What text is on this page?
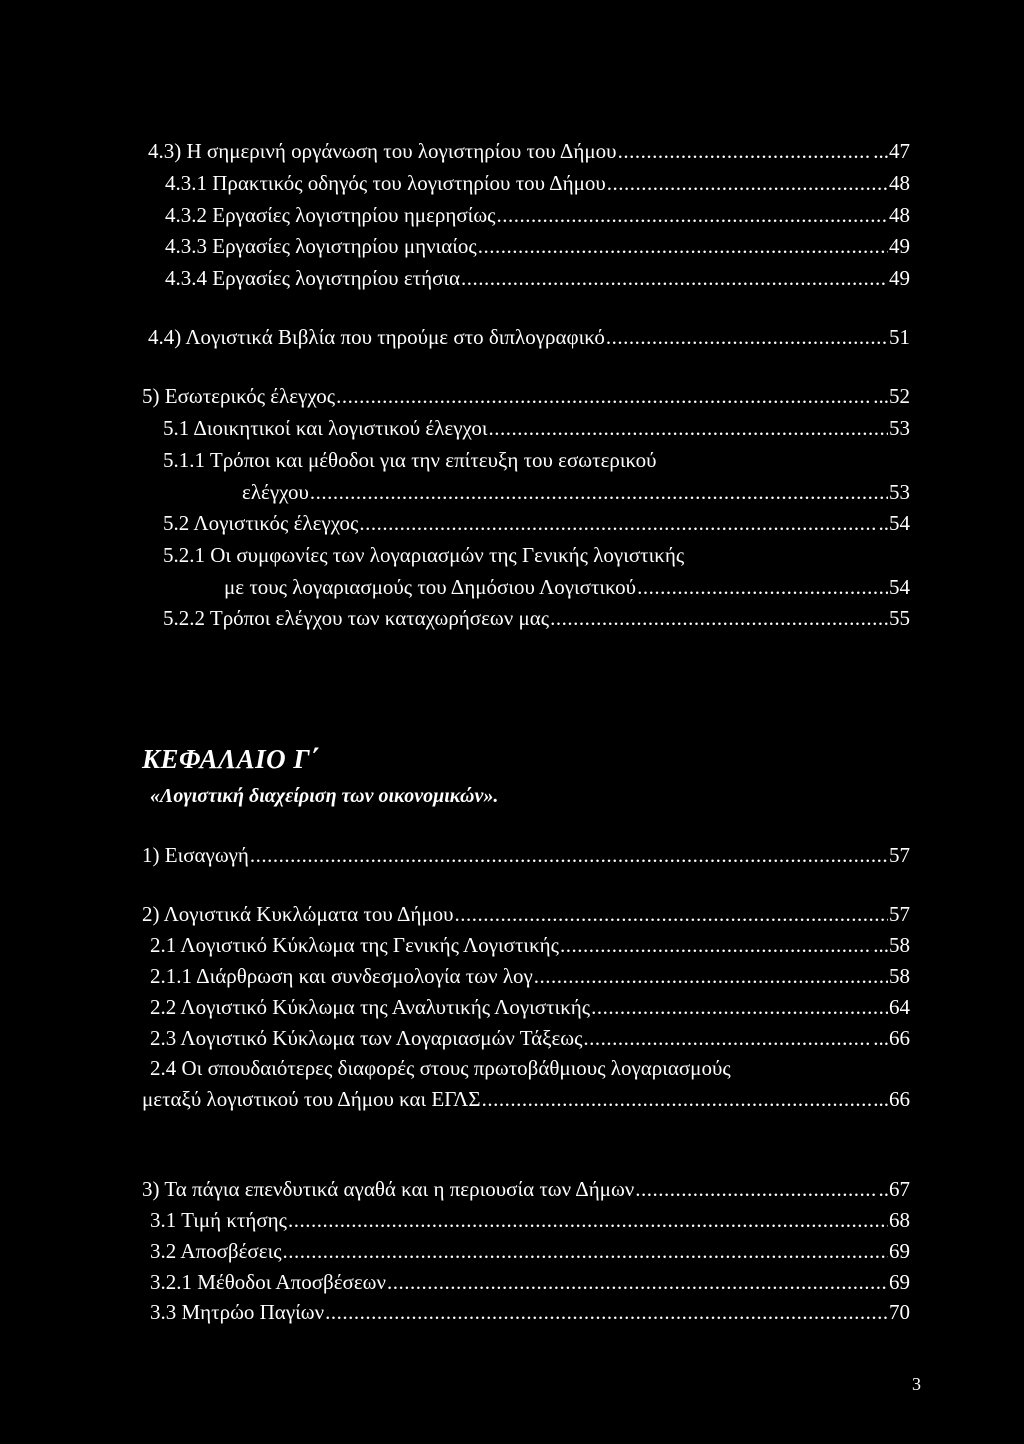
4.3) Η σημερινή οργάνωση του λογιστηρίου του Δήμου .....	...47
4.3.1 Πρακτικός οδηγός του λογιστηρίου του Δήμου .....	48
4.3.2 Εργασίες λογιστηρίου ημερησίως .....	48
4.3.3 Εργασίες λογιστηρίου μηνιαίος .....	49
4.3.4 Εργασίες λογιστηρίου ετήσια .....	49
4.4) Λογιστικά Βιβλία που τηρούμε στο διπλογραφικό .....	51
5) Εσωτερικός έλεγχος .....	...52
5.1 Διοικητικοί και λογιστικού έλεγχοι .....	53
5.1.1 Τρόποι και μέθοδοι για την επίτευξη του εσωτερικού
ελέγχου .....	53
5.2 Λογιστικός έλεγχος .....	..54
5.2.1 Οι συμφωνίες των λογαριασμών της Γενικής λογιστικής
με τους λογαριασμούς του Δημόσιου Λογιστικού .....	54
5.2.2 Τρόποι ελέγχου των καταχωρήσεων μας .....	55
ΚΕΦΑΛΑΙΟ Γ΄
«Λογιστική διαχείριση των οικονομικών».
1) Εισαγωγή .....	57
2) Λογιστικά Κυκλώματα του Δήμου .....	57
2.1 Λογιστικό Κύκλωμα της Γενικής Λογιστικής .....	...58
2.1.1 Διάρθρωση και συνδεσμολογία των λογ .....	58
2.2 Λογιστικό Κύκλωμα της Αναλυτικής Λογιστικής .....	64
2.3 Λογιστικό Κύκλωμα των Λογαριασμών Τάξεως .....	...66
2.4 Οι σπουδαιότερες διαφορές στους πρωτοβάθμιους λογαριασμούς
μεταξύ λογιστικού του Δήμου και ΕΓΛΣ .....	...66
3) Τα πάγια επενδυτικά αγαθά και η περιουσία των Δήμων .....	..67
3.1 Τιμή κτήσης .....	68
3.2 Αποσβέσεις .....	69
3.2.1 Μέθοδοι Αποσβέσεων .....	69
3.3 Μητρώο Παγίων .....	70
3
